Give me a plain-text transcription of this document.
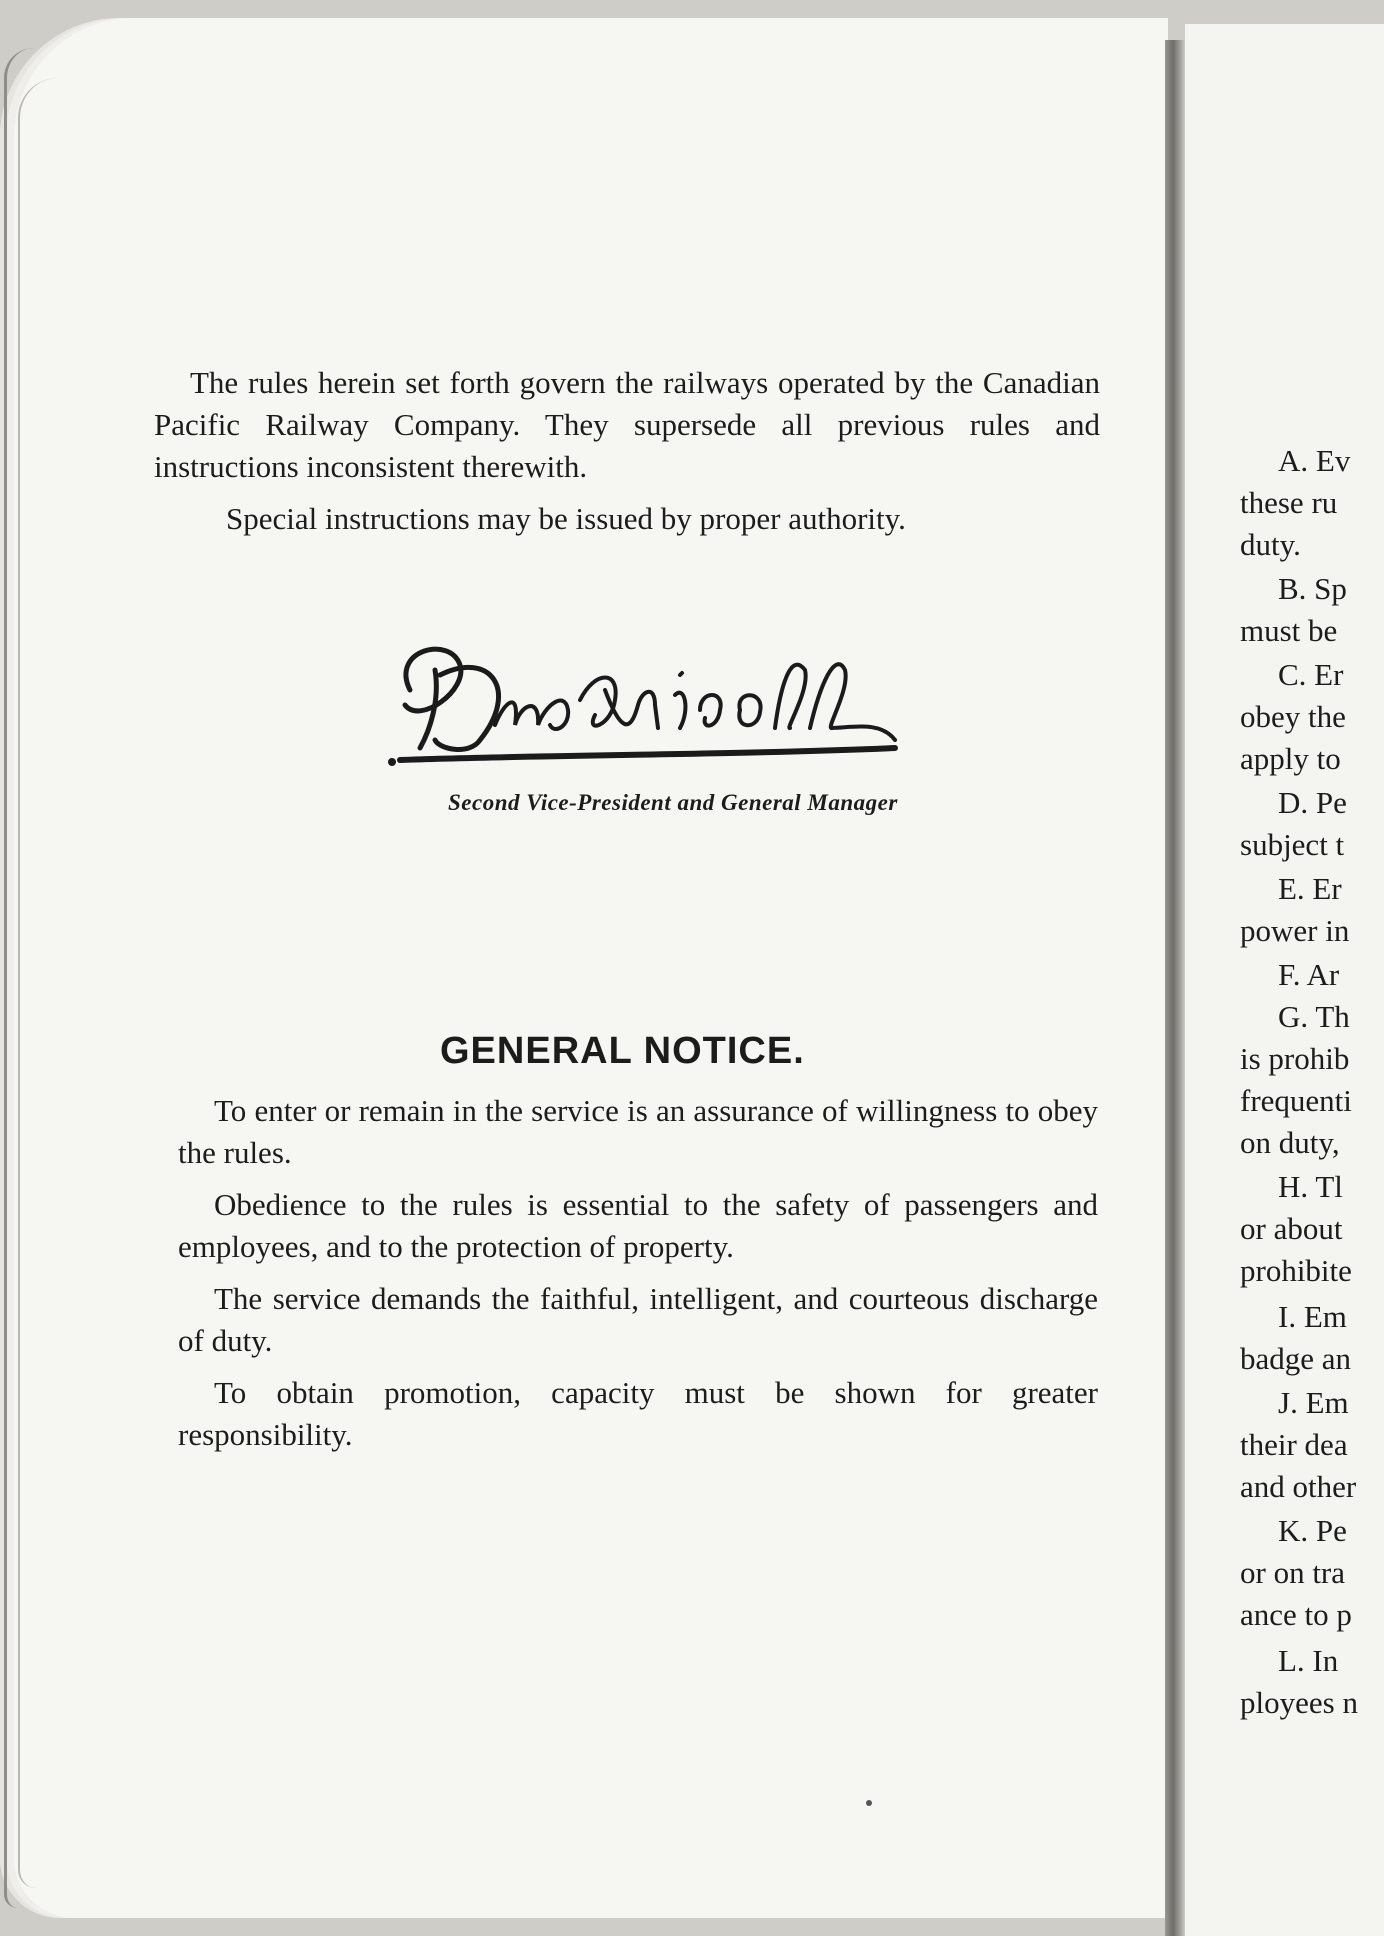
The rules herein set forth govern the railways operated by the Canadian Pacific Railway Company. They supersede all previous rules and instructions inconsistent therewith.

Special instructions may be issued by proper authority.

Second Vice-President and General Manager
GENERAL NOTICE.

To enter or remain in the service is an assurance of willingness to obey the rules.

Obedience to the rules is essential to the safety of passengers and employees, and to the protection of property.

The service demands the faithful, intelligent, and courteous discharge of duty.

To obtain promotion, capacity must be shown for greater responsibility.

A. Ev
these ru
duty.
B. Sp
must be
C. Er
obey the
apply to
D. Pe
subject t
E. Er
power in
F. Ar
G. Th
is prohib
frequenti
on duty,
H. Tl
or about
prohibite
I. Em
badge an
J. Em
their dea
and other
K. Pe
or on tra
ance to p
L. In
ployees n
